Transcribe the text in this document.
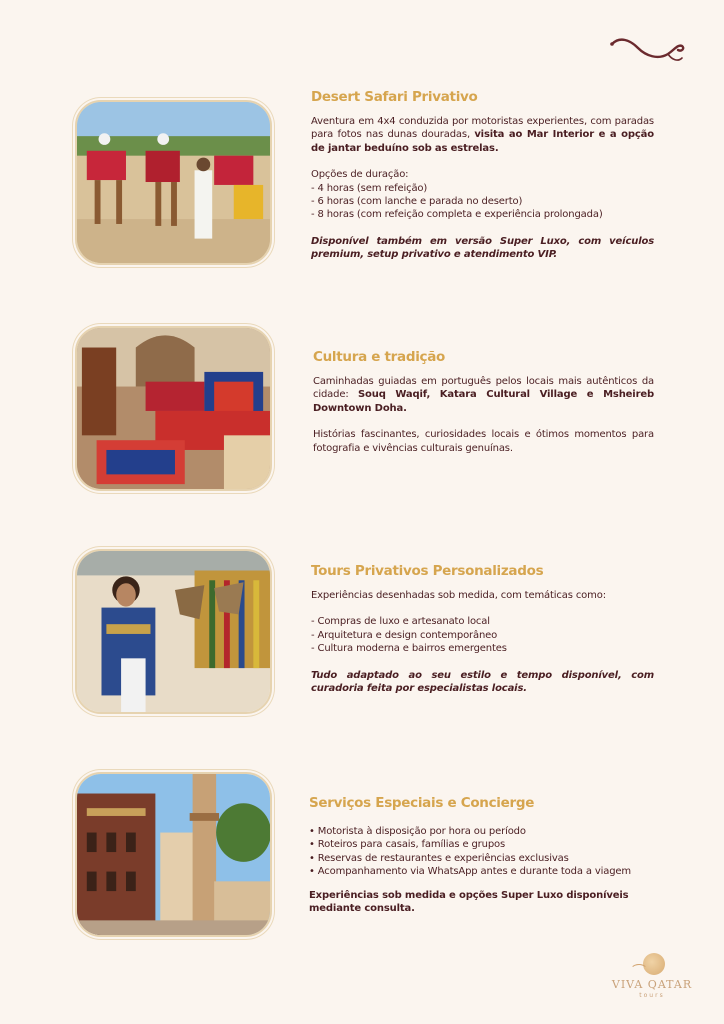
Desert Safari Privativo

Aventura em 4x4 conduzida por motoristas experientes, com paradas para fotos nas dunas douradas, visita ao Mar Interior e a opção de jantar beduíno sob as estrelas.

Opções de duração:

- 4 horas (sem refeição)

- 6 horas (com lanche e parada no deserto)

- 8 horas (com refeição completa e experiência prolongada)

Disponível também em versão Super Luxo, com veículos premium, setup privativo e atendimento VIP.

Cultura e tradição

Caminhadas guiadas em português pelos locais mais autênticos da cidade: Souq Waqif, Katara Cultural Village e Msheireb Downtown Doha.

Histórias fascinantes, curiosidades locais e ótimos momentos para fotografia e vivências culturais genuínas.

Tours Privativos Personalizados

Experiências desenhadas sob medida, com temáticas como:

- Compras de luxo e artesanato local

- Arquitetura e design contemporâneo

- Cultura moderna e bairros emergentes

Tudo adaptado ao seu estilo e tempo disponível, com curadoria feita por especialistas locais.

Serviços Especiais e Concierge
• Motorista à disposição por hora ou período
• Roteiros para casais, famílias e grupos
• Reservas de restaurantes e experiências exclusivas
• Acompanhamento via WhatsApp antes e durante toda a viagem

Experiências sob medida e opções Super Luxo disponíveis mediante consulta.

VIVA QATAR
tours
